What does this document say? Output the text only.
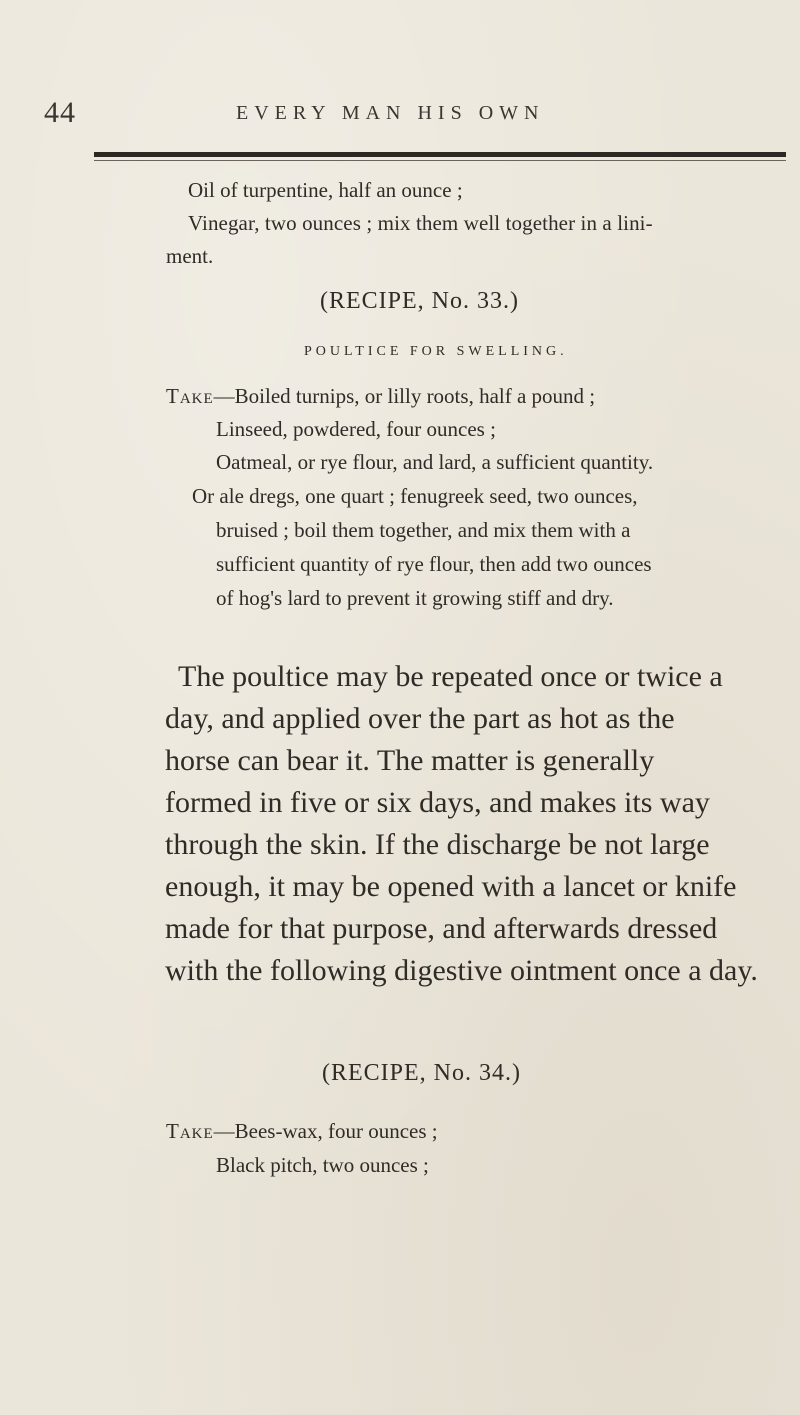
44	EVERY MAN HIS OWN
Oil of turpentine, half an ounce ;
Vinegar, two ounces ; mix them well together in a lini-
ment.
(RECIPE, No. 33.)
POULTICE FOR SWELLING.
Take—Boiled turnips, or lilly roots, half a pound ;
Linseed, powdered, four ounces ;
Oatmeal, or rye flour, and lard, a sufficient quantity.
Or ale dregs, one quart ; fenugreek seed, two ounces,
bruised ; boil them together, and mix them with a
sufficient quantity of rye flour, then add two ounces
of hog's lard to prevent it growing stiff and dry.
The poultice may be repeated once or twice a
day, and applied over the part as hot as the
horse can bear it. The matter is generally
formed in five or six days, and makes its way
through the skin. If the discharge be not large
enough, it may be opened with a lancet or knife
made for that purpose, and afterwards dressed
with the following digestive ointment once a day.
(RECIPE, No. 34.)
Take—Bees-wax, four ounces ;
Black pitch, two ounces ;
